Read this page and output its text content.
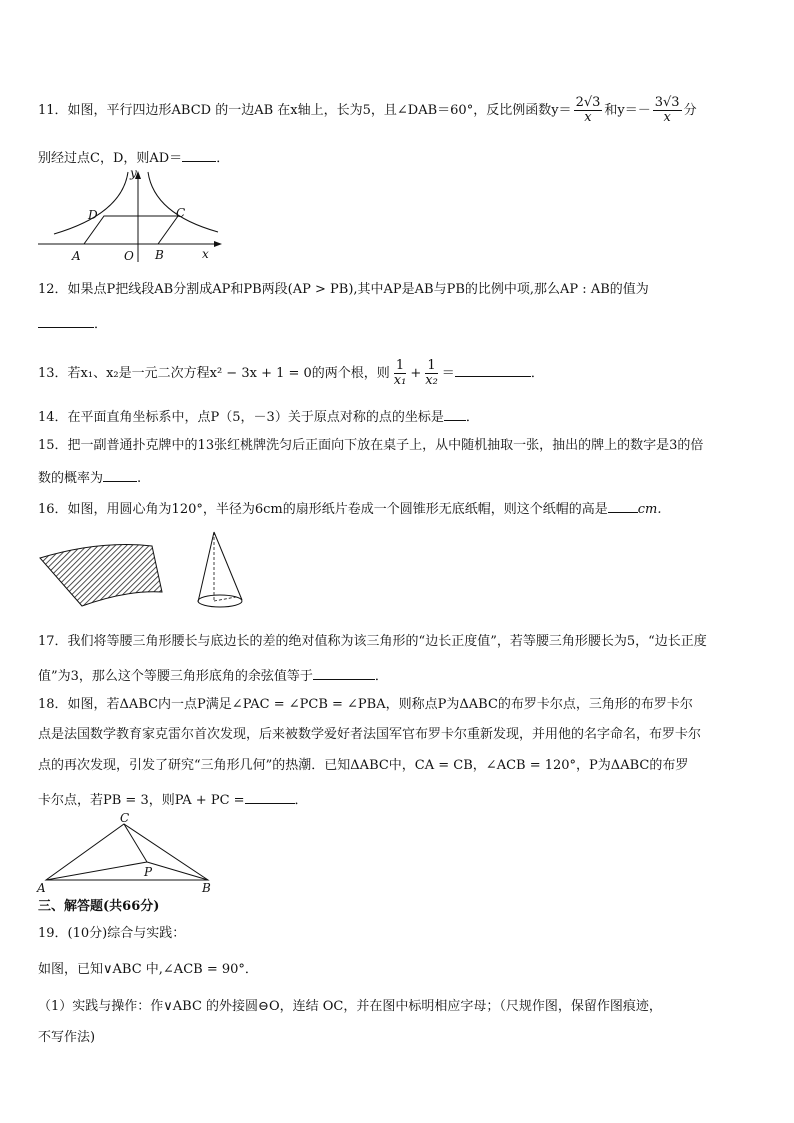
11．如图，平行四边形ABCD 的一边AB 在x轴上，长为5，且∠DAB＝60°，反比例函数$y= \frac{2√3}{x}$ 和$y=- \frac{3√3}{x}$ 分
别经过点C，D，则AD＝	．
y
x
D	C
A	O B
12．如果点P把线段AB分割成AP和PB两段(AP > PB),其中AP是AB与PB的比例中项,那么AP : AB的值为
．
13．若x₁、x₂是一元二次方程x² − 3x + 1 = 0的两个根，则 $\frac{1}{\text{x₁}} + \frac{1}{\text{x₂}}$ ＝	．
14．在平面直角坐标系中，点P（5，－3）关于原点对称的点的坐标是 ．
15．把一副普通扑克牌中的13张红桃牌洗匀后正面向下放在桌子上，从中随机抽取一张，抽出的牌上的数字是3的倍
数的概率为	.
16．如图，用圆心角为120°，半径为6cm的扇形纸片卷成一个圆锥形无底纸帽，则这个纸帽的高是 cm.
17．我们将等腰三角形腰长与底边长的差的绝对值称为该三角形的“边长正度值”，若等腰三角形腰长为5，“边长正度
值”为3，那么这个等腰三角形底角的余弦值等于	．
18．如图，若ΔABC内一点P满足∠PAC = ∠PCB = ∠PBA，则称点P为ΔABC的布罗卡尔点，三角形的布罗卡尔
点是法国数学教育家克雷尔首次发现，后来被数学爱好者法国军官布罗卡尔重新发现，并用他的名字命名，布罗卡尔
点的再次发现，引发了研究“三角形几何”的热潮．已知ΔABC中，CA = CB，∠ACB = 120°，P为ΔABC的布罗
卡尔点，若PB = 3，则PA + PC =	．
C
P
A	B
三、解答题(共66分)
19．(10分)综合与实践：
如图，已知∨ABC 中,∠ACB = 90°．
（1）实践与操作：作∨ABC 的外接圆⊖O，连结 OC，并在图中标明相应字母；（尺规作图，保留作图痕迹，
不写作法)
